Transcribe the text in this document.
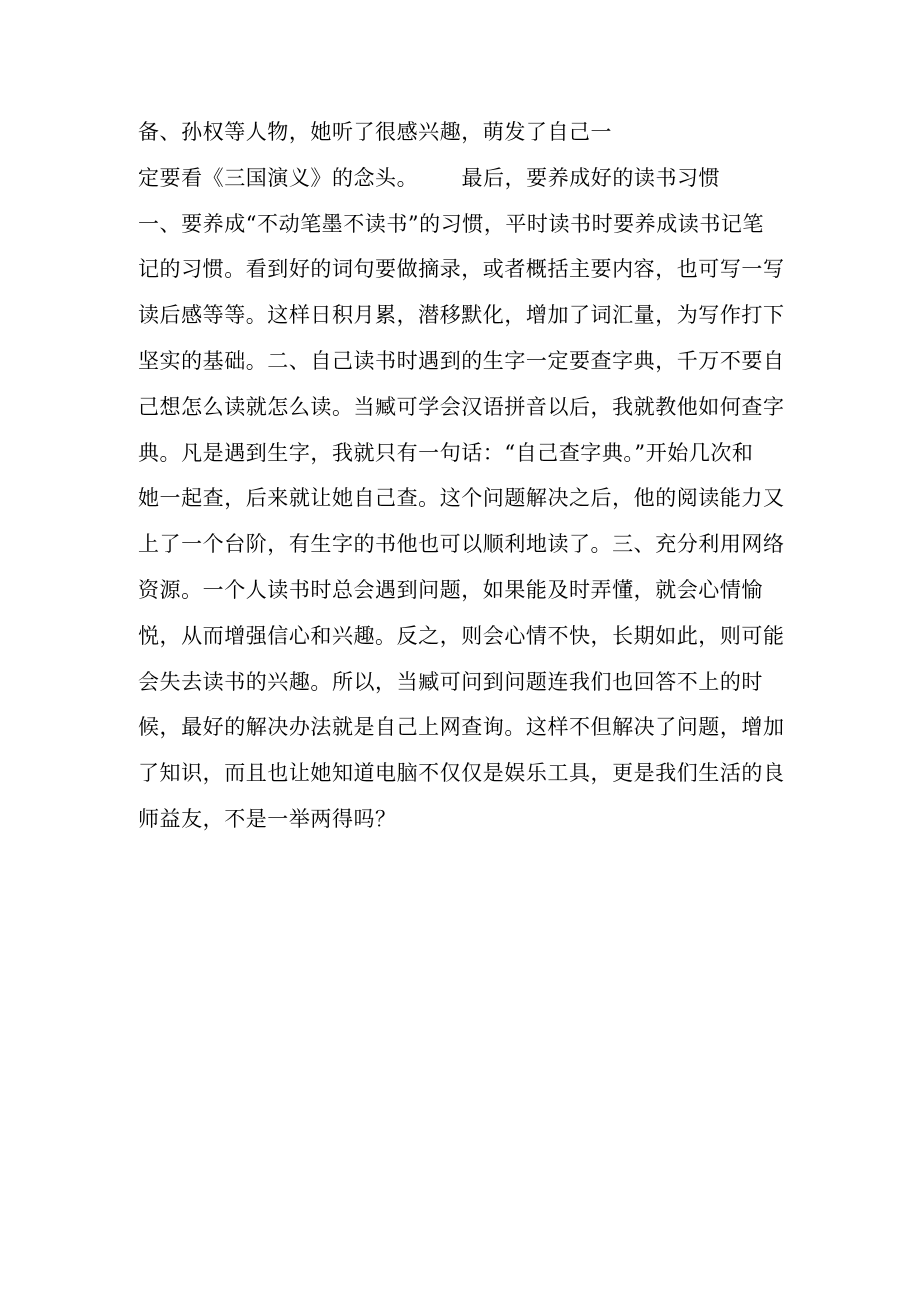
备、孙权等人物，她听了很感兴趣，萌发了自己一
定要看《三国演义》的念头。      最后，要养成好的读书习惯
一、要养成“不动笔墨不读书”的习惯，平时读书时要养成读书记笔
记的习惯。看到好的词句要做摘录，或者概括主要内容，也可写一写
读后感等等。这样日积月累，潜移默化，增加了词汇量，为写作打下
坚实的基础。二、自己读书时遇到的生字一定要查字典，千万不要自
己想怎么读就怎么读。当臧可学会汉语拼音以后，我就教他如何查字
典。凡是遇到生字，我就只有一句话：“自己查字典。”开始几次和
她一起查，后来就让她自己查。这个问题解决之后，他的阅读能力又
上了一个台阶，有生字的书他也可以顺利地读了。三、充分利用网络
资源。一个人读书时总会遇到问题，如果能及时弄懂，就会心情愉
悦，从而增强信心和兴趣。反之，则会心情不快，长期如此，则可能
会失去读书的兴趣。所以，当臧可问到问题连我们也回答不上的时
候，最好的解决办法就是自己上网查询。这样不但解决了问题，增加
了知识，而且也让她知道电脑不仅仅是娱乐工具，更是我们生活的良
师益友，不是一举两得吗？
